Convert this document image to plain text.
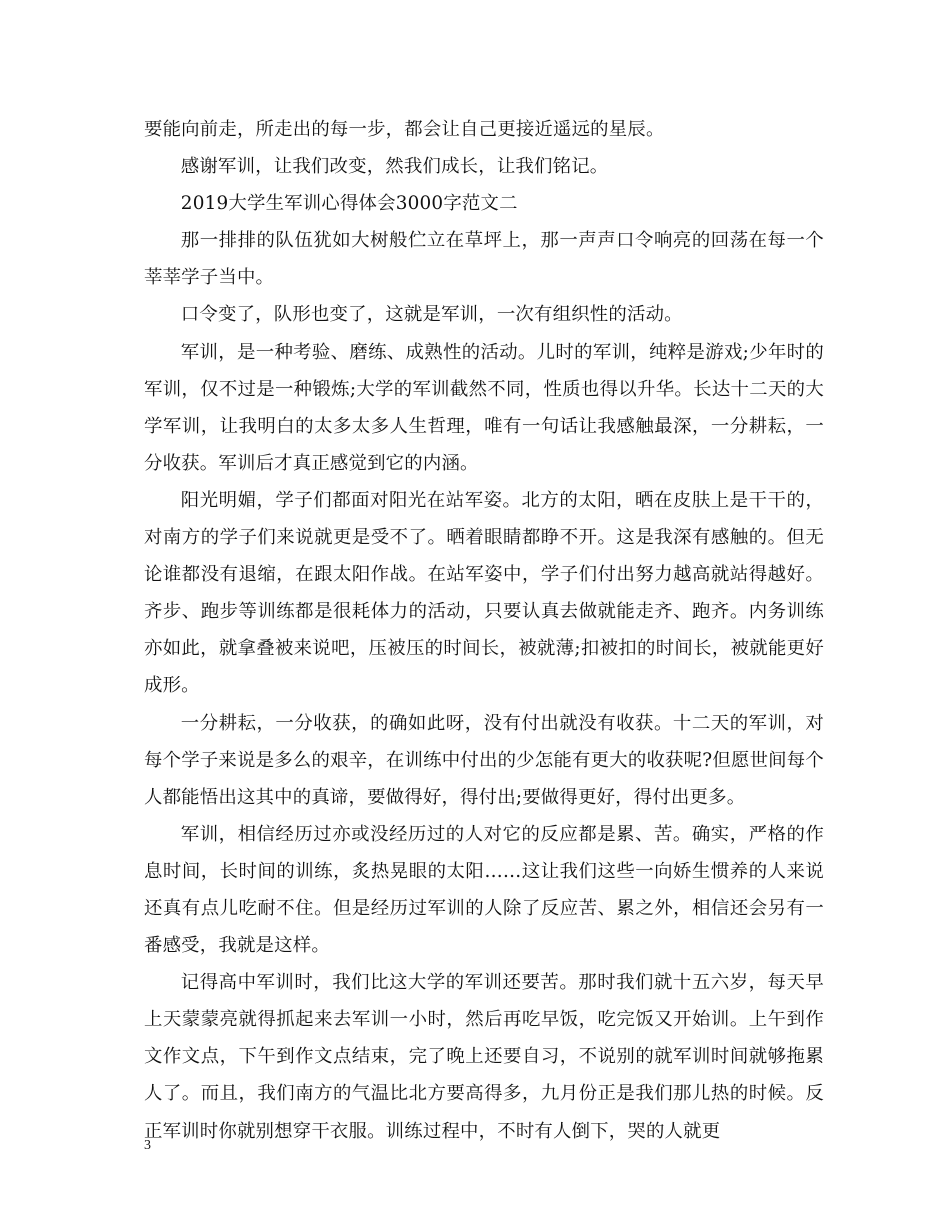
要能向前走，所走出的每一步，都会让自己更接近遥远的星辰。

感谢军训，让我们改变，然我们成长，让我们铭记。

2019大学生军训心得体会3000字范文二

那一排排的队伍犹如大树般伫立在草坪上，那一声声口令响亮的回荡在每一个莘莘学子当中。

口令变了，队形也变了，这就是军训，一次有组织性的活动。

军训，是一种考验、磨练、成熟性的活动。儿时的军训，纯粹是游戏;少年时的军训，仅不过是一种锻炼;大学的军训截然不同，性质也得以升华。长达十二天的大学军训，让我明白的太多太多人生哲理，唯有一句话让我感触最深，一分耕耘，一分收获。军训后才真正感觉到它的内涵。

阳光明媚，学子们都面对阳光在站军姿。北方的太阳，晒在皮肤上是干干的，对南方的学子们来说就更是受不了。晒着眼睛都睁不开。这是我深有感触的。但无论谁都没有退缩，在跟太阳作战。在站军姿中，学子们付出努力越高就站得越好。齐步、跑步等训练都是很耗体力的活动，只要认真去做就能走齐、跑齐。内务训练亦如此，就拿叠被来说吧，压被压的时间长，被就薄;扣被扣的时间长，被就能更好成形。

一分耕耘，一分收获，的确如此呀，没有付出就没有收获。十二天的军训，对每个学子来说是多么的艰辛，在训练中付出的少怎能有更大的收获呢?但愿世间每个人都能悟出这其中的真谛，要做得好，得付出;要做得更好，得付出更多。

军训，相信经历过亦或没经历过的人对它的反应都是累、苦。确实，严格的作息时间，长时间的训练，炙热晃眼的太阳……这让我们这些一向娇生惯养的人来说还真有点儿吃耐不住。但是经历过军训的人除了反应苦、累之外，相信还会另有一番感受，我就是这样。

记得高中军训时，我们比这大学的军训还要苦。那时我们就十五六岁，每天早上天蒙蒙亮就得抓起来去军训一小时，然后再吃早饭，吃完饭又开始训。上午到作文作文点，下午到作文点结束，完了晚上还要自习，不说别的就军训时间就够拖累人了。而且，我们南方的气温比北方要高得多，九月份正是我们那儿热的时候。反正军训时你就别想穿干衣服。训练过程中，不时有人倒下，哭的人就更

3
